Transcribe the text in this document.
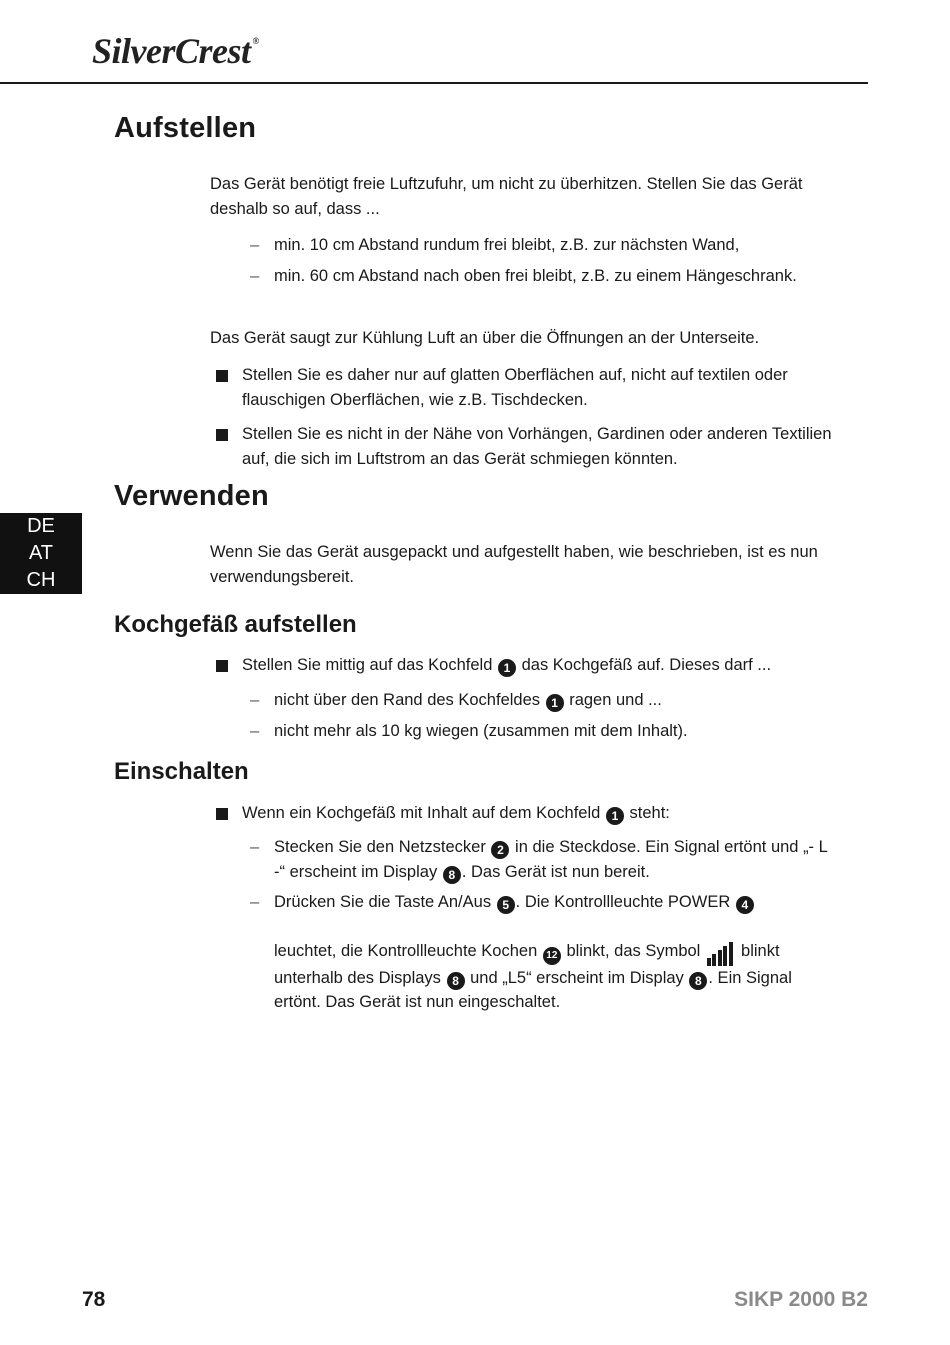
SilverCrest ®
DE
AT
CH
Aufstellen

Das Gerät benötigt freie Luftzufuhr, um nicht zu überhitzen. Stellen Sie das Gerät deshalb so auf, dass ...

– min. 10 cm Abstand rundum frei bleibt, z.B. zur nächsten Wand,
– min. 60 cm Abstand nach oben frei bleibt, z.B. zu einem Hängeschrank.

Das Gerät saugt zur Kühlung Luft an über die Öffnungen an der Unterseite.

Stellen Sie es daher nur auf glatten Oberflächen auf, nicht auf textilen oder flauschigen Oberflächen, wie z.B. Tischdecken.
Stellen Sie es nicht in der Nähe von Vorhängen, Gardinen oder anderen Textilien auf, die sich im Luftstrom an das Gerät schmiegen könnten.
Verwenden

Wenn Sie das Gerät ausgepackt und aufgestellt haben, wie beschrieben, ist es nun verwendungsbereit.

Kochgefäß aufstellen
Stellen Sie mittig auf das Kochfeld 1 das Kochgefäß auf. Dieses darf ...
– nicht über den Rand des Kochfeldes 1 ragen und ...
– nicht mehr als 10 kg wiegen (zusammen mit dem Inhalt).
Einschalten
Wenn ein Kochgefäß mit Inhalt auf dem Kochfeld 1 steht:
– Stecken Sie den Netzstecker 2 in die Steckdose. Ein Signal ertönt und „- L -“ erscheint im Display 8 . Das Gerät ist nun bereit.
– Drücken Sie die Taste An/Aus 5 . Die Kontrollleuchte POWER 4

leuchtet, die Kontrollleuchte Kochen 12 blinkt, das Symbol blinkt unterhalb des Displays 8 und „L5“ erscheint im Display 8 . Ein Signal ertönt. Das Gerät ist nun eingeschaltet.

78	SIKP 2000 B2
